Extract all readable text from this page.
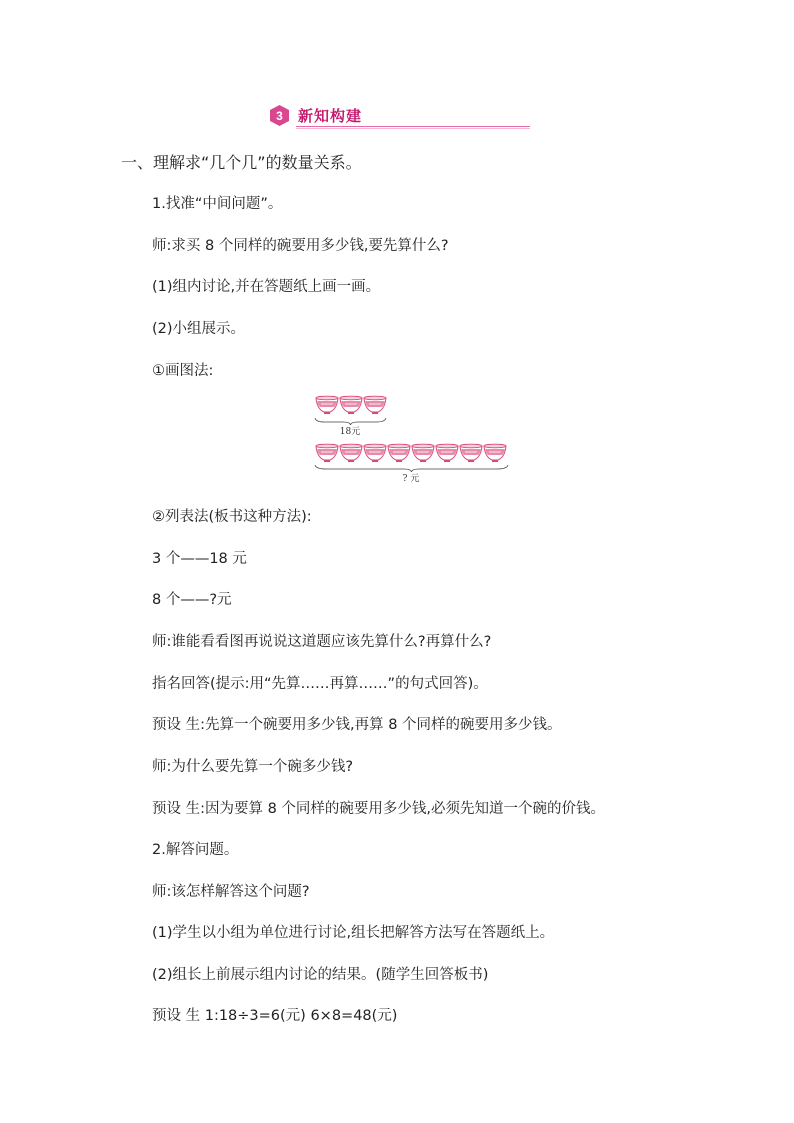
3 新知构建
一、理解求“几个几”的数量关系。
1.找准“中间问题”。
师:求买 8 个同样的碗要用多少钱,要先算什么?
(1)组内讨论,并在答题纸上画一画。
(2)小组展示。
①画图法:
18元
? 元
②列表法(板书这种方法):
3 个——18 元
8 个——?元
师:谁能看看图再说说这道题应该先算什么?再算什么?
指名回答(提示:用“先算……再算……”的句式回答)。
预设 生:先算一个碗要用多少钱,再算 8 个同样的碗要用多少钱。
师:为什么要先算一个碗多少钱?
预设 生:因为要算 8 个同样的碗要用多少钱,必须先知道一个碗的价钱。
2.解答问题。
师:该怎样解答这个问题?
(1)学生以小组为单位进行讨论,组长把解答方法写在答题纸上。
(2)组长上前展示组内讨论的结果。(随学生回答板书)
预设 生 1:18÷3=6(元) 6×8=48(元)
